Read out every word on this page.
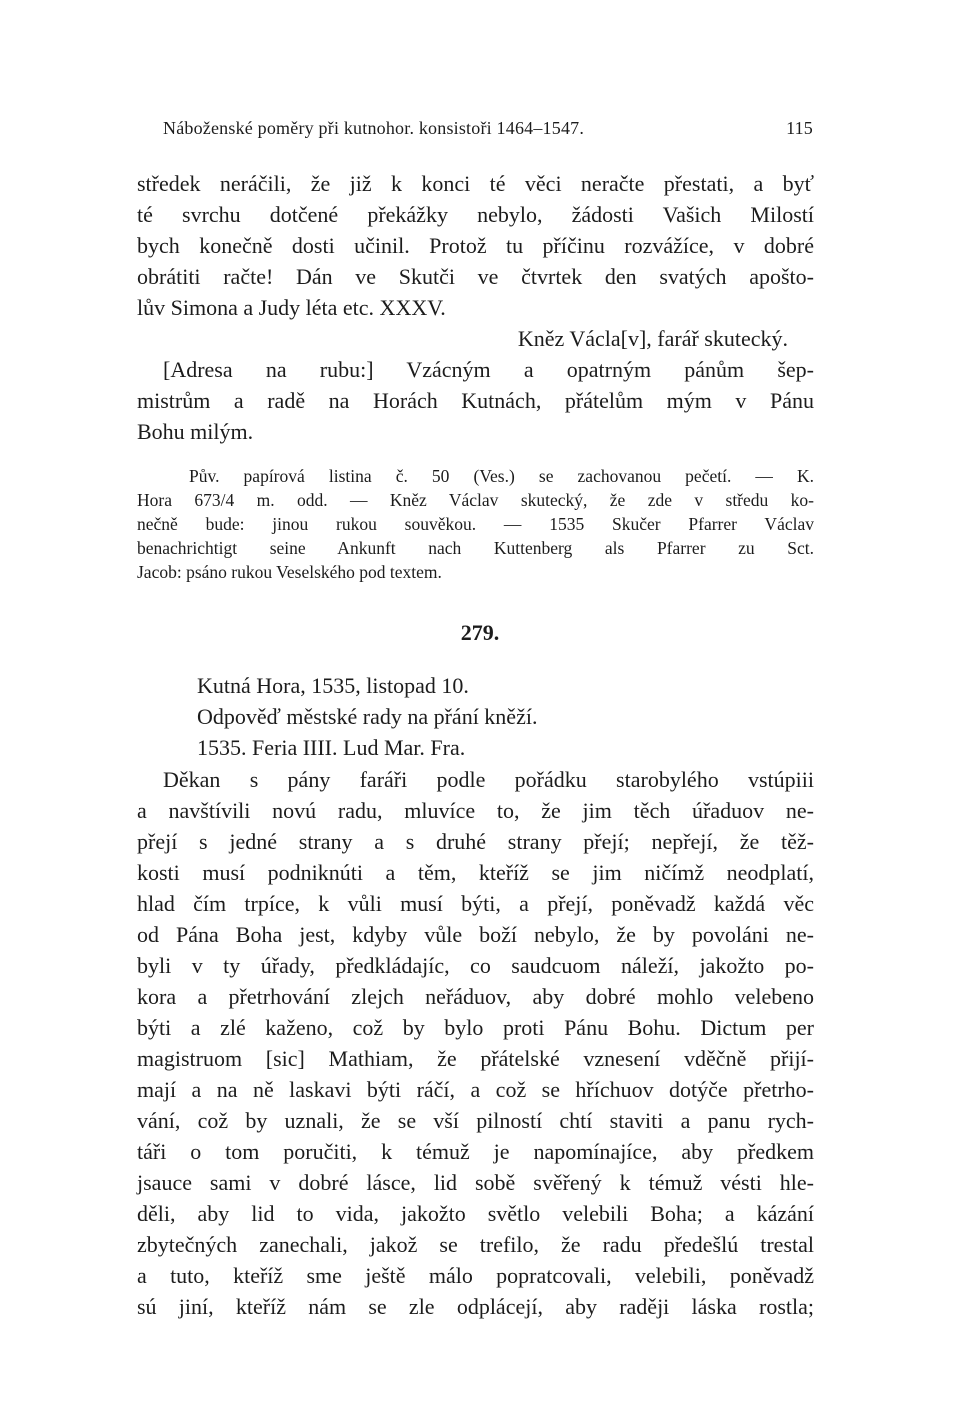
Náboženské poměry při kutnohor. konsistoři 1464–1547.	115
středek neráčili, že již k konci té věci neračte přestati, a byť
té svrchu dotčené překážky nebylo, žádosti Vašich Milostí
bych konečně dosti učinil. Protož tu příčinu rozvážíce, v dobré
obrátiti račte! Dán ve Skutči ve čtvrtek den svatých apošto-
lův Simona a Judy léta etc. XXXV.
Kněz Václa[v], farář skutecký.
[Adresa na rubu:] Vzácným a opatrným pánům šep-
mistrům a radě na Horách Kutnách, přátelům mým v Pánu
Bohu milým.
Pův. papírová listina č. 50 (Ves.) se zachovanou pečetí. — K.
Hora 673/4 m. odd. — Kněz Václav skutecký, že zde v středu ko-
nečně bude: jinou rukou souvěkou. — 1535 Skučer Pfarrer Václav
benachrichtigt seine Ankunft nach Kuttenberg als Pfarrer zu Sct.
Jacob: psáno rukou Veselského pod textem.
279.
Kutná Hora, 1535, listopad 10.
Odpověď městské rady na přání kněží.
1535. Feria IIII. Lud Mar. Fra.
Děkan s pány faráři podle pořádku starobylého vstúpiii
a navštívili novú radu, mluvíce to, že jim těch úřaduov ne-
přejí s jedné strany a s druhé strany přejí; nepřejí, že těž-
kosti musí podniknúti a těm, kteříž se jim ničímž neodplatí,
hlad čím trpíce, k vůli musí býti, a přejí, poněvadž každá věc
od Pána Boha jest, kdyby vůle boží nebylo, že by povoláni ne-
byli v ty úřady, předkládajíc, co saudcuom náleží, jakožto po-
kora a přetrhování zlejch neřáduov, aby dobré mohlo velebeno
býti a zlé kaženo, což by bylo proti Pánu Bohu. Dictum per
magistruom [sic] Mathiam, že přátelské vznesení vděčně přijí-
mají a na ně laskavi býti ráčí, a což se hříchuov dotýče přetrho-
vání, což by uznali, že se vší pilností chtí staviti a panu rych-
táři o tom poručiti, k témuž je napomínajíce, aby předkem
jsauce sami v dobré lásce, lid sobě svěřený k témuž vésti hle-
děli, aby lid to vida, jakožto světlo velebili Boha; a kázání
zbytečných zanechali, jakož se trefilo, že radu předešlú trestal
a tuto, kteříž sme ještě málo popratcovali, velebili, poněvadž
sú jiní, kteříž nám se zle odplácejí, aby raději láska rostla;
